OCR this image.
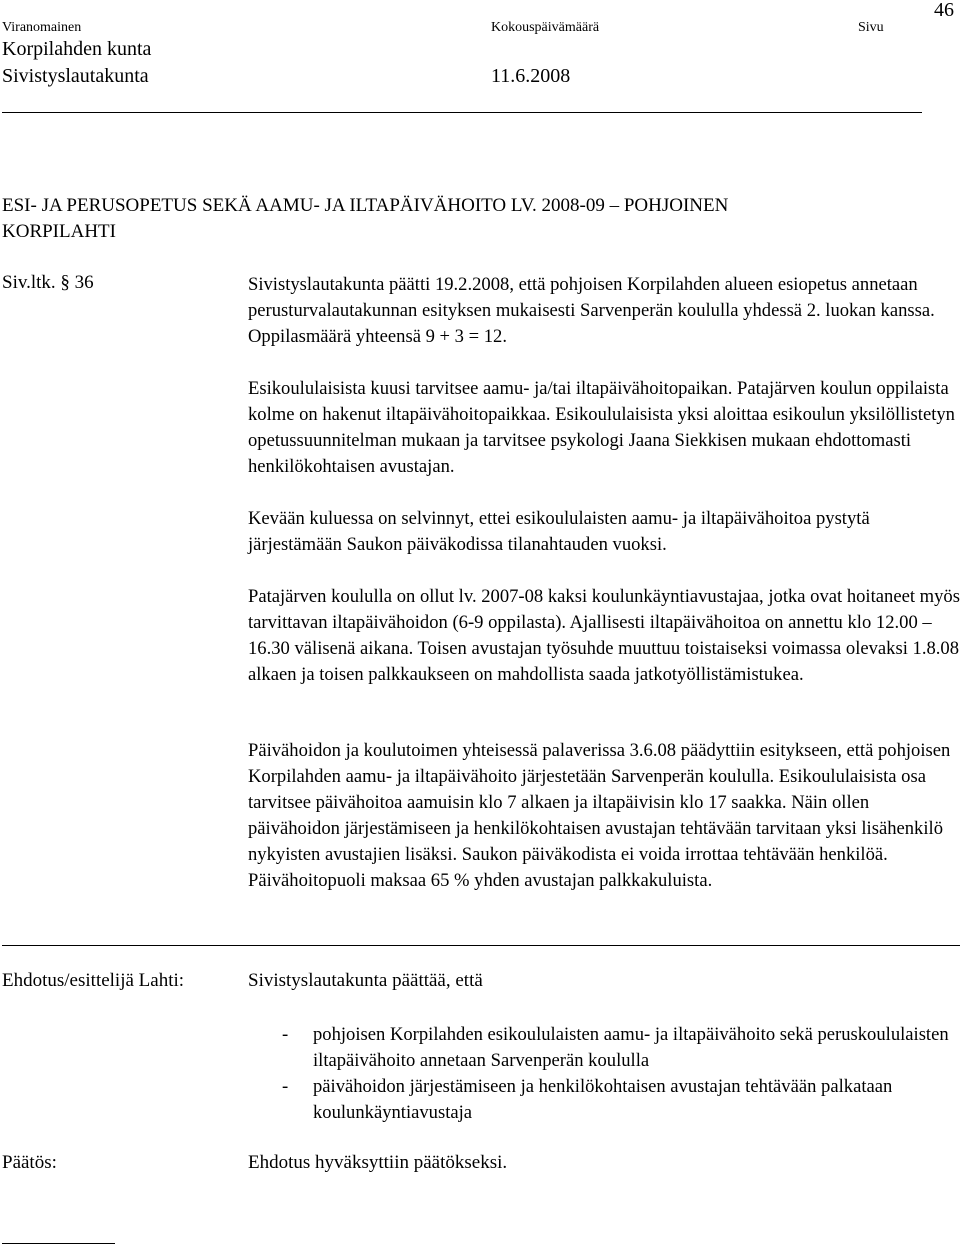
Viranomainen	Kokouspäivämäärä	Sivu
46
Korpilahden kunta
Sivistyslautakunta	11.6.2008
ESI- JA PERUSOPETUS SEKÄ AAMU- JA ILTAPÄIVÄHOITO LV. 2008-09 – POHJOINEN
KORPILAHTI
Siv.ltk. § 36	Sivistyslautakunta päätti 19.2.2008, että pohjoisen Korpilahden alueen esiopetus annetaan perusturvalautakunnan esityksen mukaisesti Sarvenperän koululla yhdessä 2. luokan kanssa. Oppilasmäärä yhteensä 9 + 3 = 12.

Esikoululaisista kuusi tarvitsee aamu- ja/tai iltapäivähoitopaikan. Patajärven koulun oppilaista kolme on hakenut iltapäivähoitopaikkaa. Esikoululaisista yksi aloittaa esikoulun yksilöllistetyn opetussuunnitelman mukaan ja tarvitsee psykologi Jaana Siekkisen mukaan ehdottomasti henkilökohtaisen avustajan.

Kevään kuluessa on selvinnyt, ettei esikoululaisten aamu- ja iltapäivähoitoa pystytä järjestämään Saukon päiväkodissa tilanahtauden vuoksi.

Patajärven koululla on ollut lv. 2007-08 kaksi koulunkäyntiavustajaa, jotka ovat hoitaneet myös tarvittavan iltapäivähoidon (6-9 oppilasta). Ajallisesti iltapäivähoitoa on annettu klo 12.00 – 16.30 välisenä aikana. Toisen avustajan työsuhde muuttuu toistaiseksi voimassa olevaksi 1.8.08 alkaen ja toisen palkkaukseen on mahdollista saada jatkotyöllistämistukea.

Päivähoidon ja koulutoimen yhteisessä palaverissa 3.6.08 päädyttiin esitykseen, että pohjoisen Korpilahden aamu- ja iltapäivähoito järjestetään Sarvenperän koululla. Esikoululaisista osa tarvitsee päivähoitoa aamuisin klo 7 alkaen ja iltapäivisin klo 17 saakka. Näin ollen päivähoidon järjestämiseen ja henkilökohtaisen avustajan tehtävään tarvitaan yksi lisähenkilö nykyisten avustajien lisäksi. Saukon päiväkodista ei voida irrottaa tehtävään henkilöä. Päivähoitopuoli maksaa 65 % yhden avustajan palkkakuluista.

Ehdotus/esittelijä Lahti:	Sivistyslautakunta päättää, että
- pohjoisen Korpilahden esikoululaisten aamu- ja iltapäivähoito sekä peruskoululaisten iltapäivähoito annetaan Sarvenperän koululla
- päivähoidon järjestämiseen ja henkilökohtaisen avustajan tehtävään palkataan koulunkäyntiavustaja
Päätös:	Ehdotus hyväksyttiin päätökseksi.
